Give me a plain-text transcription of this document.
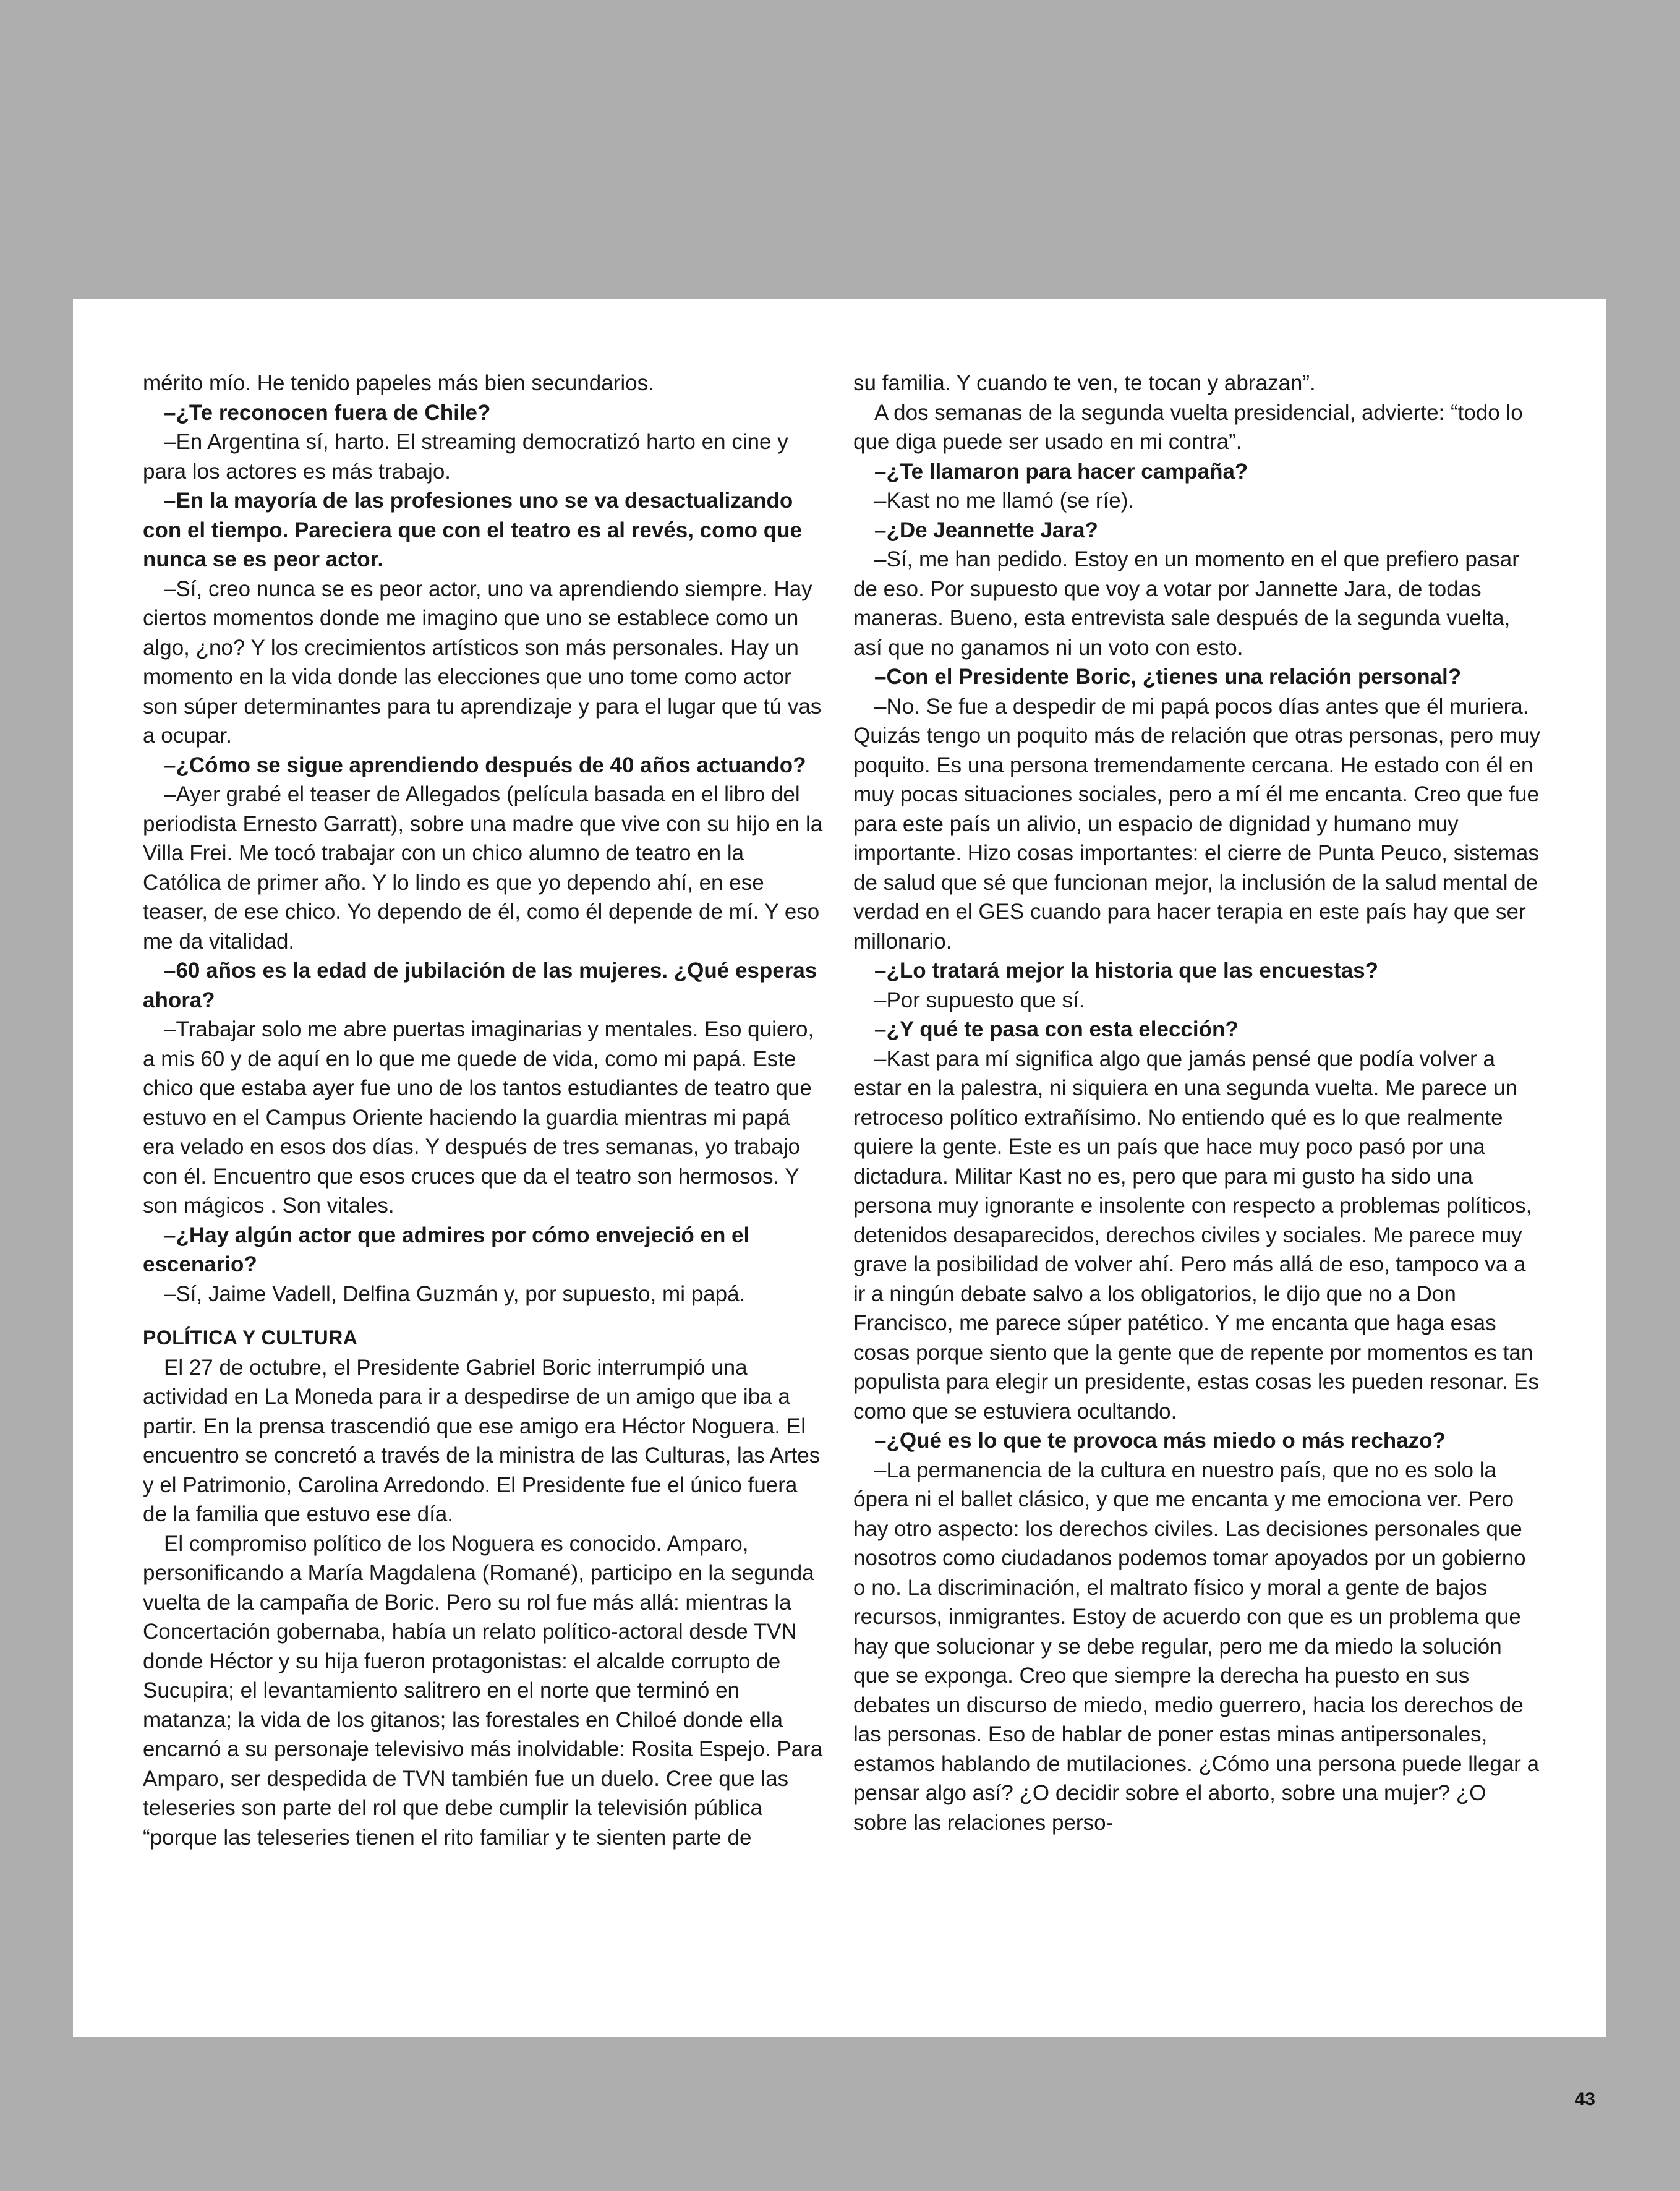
mérito mío. He tenido papeles más bien secundarios.

–¿Te reconocen fuera de Chile?

–En Argentina sí, harto. El streaming democratizó harto en cine y para los actores es más trabajo.

–En la mayoría de las profesiones uno se va desactualizando con el tiempo. Pareciera que con el teatro es al revés, como que nunca se es peor actor.

–Sí, creo nunca se es peor actor, uno va aprendiendo siempre. Hay ciertos momentos donde me imagino que uno se establece como un algo, ¿no? Y los crecimientos artísticos son más personales. Hay un momento en la vida donde las elecciones que uno tome como actor son súper determinantes para tu aprendizaje y para el lugar que tú vas a ocupar.

–¿Cómo se sigue aprendiendo después de 40 años actuando?

–Ayer grabé el teaser de Allegados (película basada en el libro del periodista Ernesto Garratt), sobre una madre que vive con su hijo en la Villa Frei. Me tocó trabajar con un chico alumno de teatro en la Católica de primer año. Y lo lindo es que yo dependo ahí, en ese teaser, de ese chico. Yo dependo de él, como él depende de mí. Y eso me da vitalidad.

–60 años es la edad de jubilación de las mujeres. ¿Qué esperas ahora?

–Trabajar solo me abre puertas imaginarias y mentales. Eso quiero, a mis 60 y de aquí en lo que me quede de vida, como mi papá. Este chico que estaba ayer fue uno de los tantos estudiantes de teatro que estuvo en el Campus Oriente haciendo la guardia mientras mi papá era velado en esos dos días. Y después de tres semanas, yo trabajo con él. Encuentro que esos cruces que da el teatro son hermosos. Y son mágicos . Son vitales.

–¿Hay algún actor que admires por cómo envejeció en el escenario?

–Sí, Jaime Vadell, Delfina Guzmán y, por supuesto, mi papá.

POLÍTICA Y CULTURA

El 27 de octubre, el Presidente Gabriel Boric interrumpió una actividad en La Moneda para ir a despedirse de un amigo que iba a partir. En la prensa trascendió que ese amigo era Héctor Noguera. El encuentro se concretó a través de la ministra de las Culturas, las Artes y el Patrimonio, Carolina Arredondo. El Presidente fue el único fuera de la familia que estuvo ese día.

El compromiso político de los Noguera es conocido. Amparo, personificando a María Magdalena (Romané), participo en la segunda vuelta de la campaña de Boric. Pero su rol fue más allá: mientras la Concertación gobernaba, había un relato político-actoral desde TVN donde Héctor y su hija fueron protagonistas: el alcalde corrupto de Sucupira; el levantamiento salitrero en el norte que terminó en matanza; la vida de los gitanos; las forestales en Chiloé donde ella encarnó a su personaje televisivo más inolvidable: Rosita Espejo. Para Amparo, ser despedida de TVN también fue un duelo. Cree que las teleseries son parte del rol que debe cumplir la televisión pública “porque las teleseries tienen el rito familiar y te sienten parte de

su familia. Y cuando te ven, te tocan y abrazan”.

A dos semanas de la segunda vuelta presidencial, advierte: “todo lo que diga puede ser usado en mi contra”.

–¿Te llamaron para hacer campaña?

–Kast no me llamó (se ríe).

–¿De Jeannette Jara?

–Sí, me han pedido. Estoy en un momento en el que prefiero pasar de eso. Por supuesto que voy a votar por Jannette Jara, de todas maneras. Bueno, esta entrevista sale después de la segunda vuelta, así que no ganamos ni un voto con esto.

–Con el Presidente Boric, ¿tienes una relación personal?

–No. Se fue a despedir de mi papá pocos días antes que él muriera. Quizás tengo un poquito más de relación que otras personas, pero muy poquito. Es una persona tremendamente cercana. He estado con él en muy pocas situaciones sociales, pero a mí él me encanta. Creo que fue para este país un alivio, un espacio de dignidad y humano muy importante. Hizo cosas importantes: el cierre de Punta Peuco, sistemas de salud que sé que funcionan mejor, la inclusión de la salud mental de verdad en el GES cuando para hacer terapia en este país hay que ser millonario.

–¿Lo tratará mejor la historia que las encuestas?

–Por supuesto que sí.

–¿Y qué te pasa con esta elección?

–Kast para mí significa algo que jamás pensé que podía volver a estar en la palestra, ni siquiera en una segunda vuelta. Me parece un retroceso político extrañísimo. No entiendo qué es lo que realmente quiere la gente. Este es un país que hace muy poco pasó por una dictadura. Militar Kast no es, pero que para mi gusto ha sido una persona muy ignorante e insolente con respecto a problemas políticos, detenidos desaparecidos, derechos civiles y sociales. Me parece muy grave la posibilidad de volver ahí. Pero más allá de eso, tampoco va a ir a ningún debate salvo a los obligatorios, le dijo que no a Don Francisco, me parece súper patético. Y me encanta que haga esas cosas porque siento que la gente que de repente por momentos es tan populista para elegir un presidente, estas cosas les pueden resonar. Es como que se estuviera ocultando.

–¿Qué es lo que te provoca más miedo o más rechazo?

–La permanencia de la cultura en nuestro país, que no es solo la ópera ni el ballet clásico, y que me encanta y me emociona ver. Pero hay otro aspecto: los derechos civiles. Las decisiones personales que nosotros como ciudadanos podemos tomar apoyados por un gobierno o no. La discriminación, el maltrato físico y moral a gente de bajos recursos, inmigrantes. Estoy de acuerdo con que es un problema que hay que solucionar y se debe regular, pero me da miedo la solución que se exponga. Creo que siempre la derecha ha puesto en sus debates un discurso de miedo, medio guerrero, hacia los derechos de las personas. Eso de hablar de poner estas minas antipersonales, estamos hablando de mutilaciones. ¿Cómo una persona puede llegar a pensar algo así? ¿O decidir sobre el aborto, sobre una mujer? ¿O sobre las relaciones perso-

43
